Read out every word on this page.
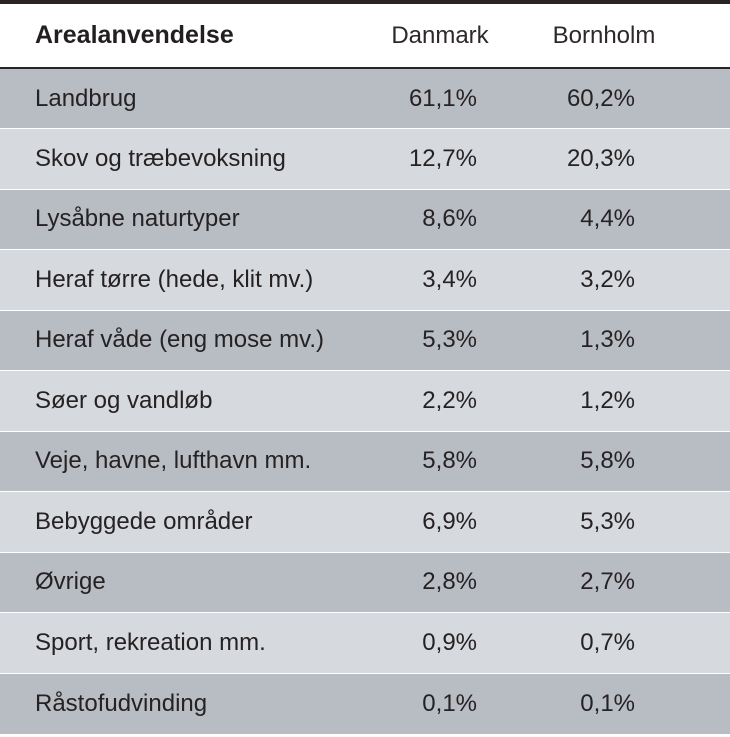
Arealanvendelse	Danmark	Bornholm
Landbrug	61,1%	60,2%
Skov og træbevoksning	12,7%	20,3%
Lysåbne naturtyper	8,6%	4,4%
Heraf tørre (hede, klit mv.)	3,4%	3,2%
Heraf våde (eng mose mv.)	5,3%	1,3%
Søer og vandløb	2,2%	1,2%
Veje, havne, lufthavn mm.	5,8%	5,8%
Bebyggede områder	6,9%	5,3%
Øvrige	2,8%	2,7%
Sport, rekreation mm.	0,9%	0,7%
Råstofudvinding	0,1%	0,1%
